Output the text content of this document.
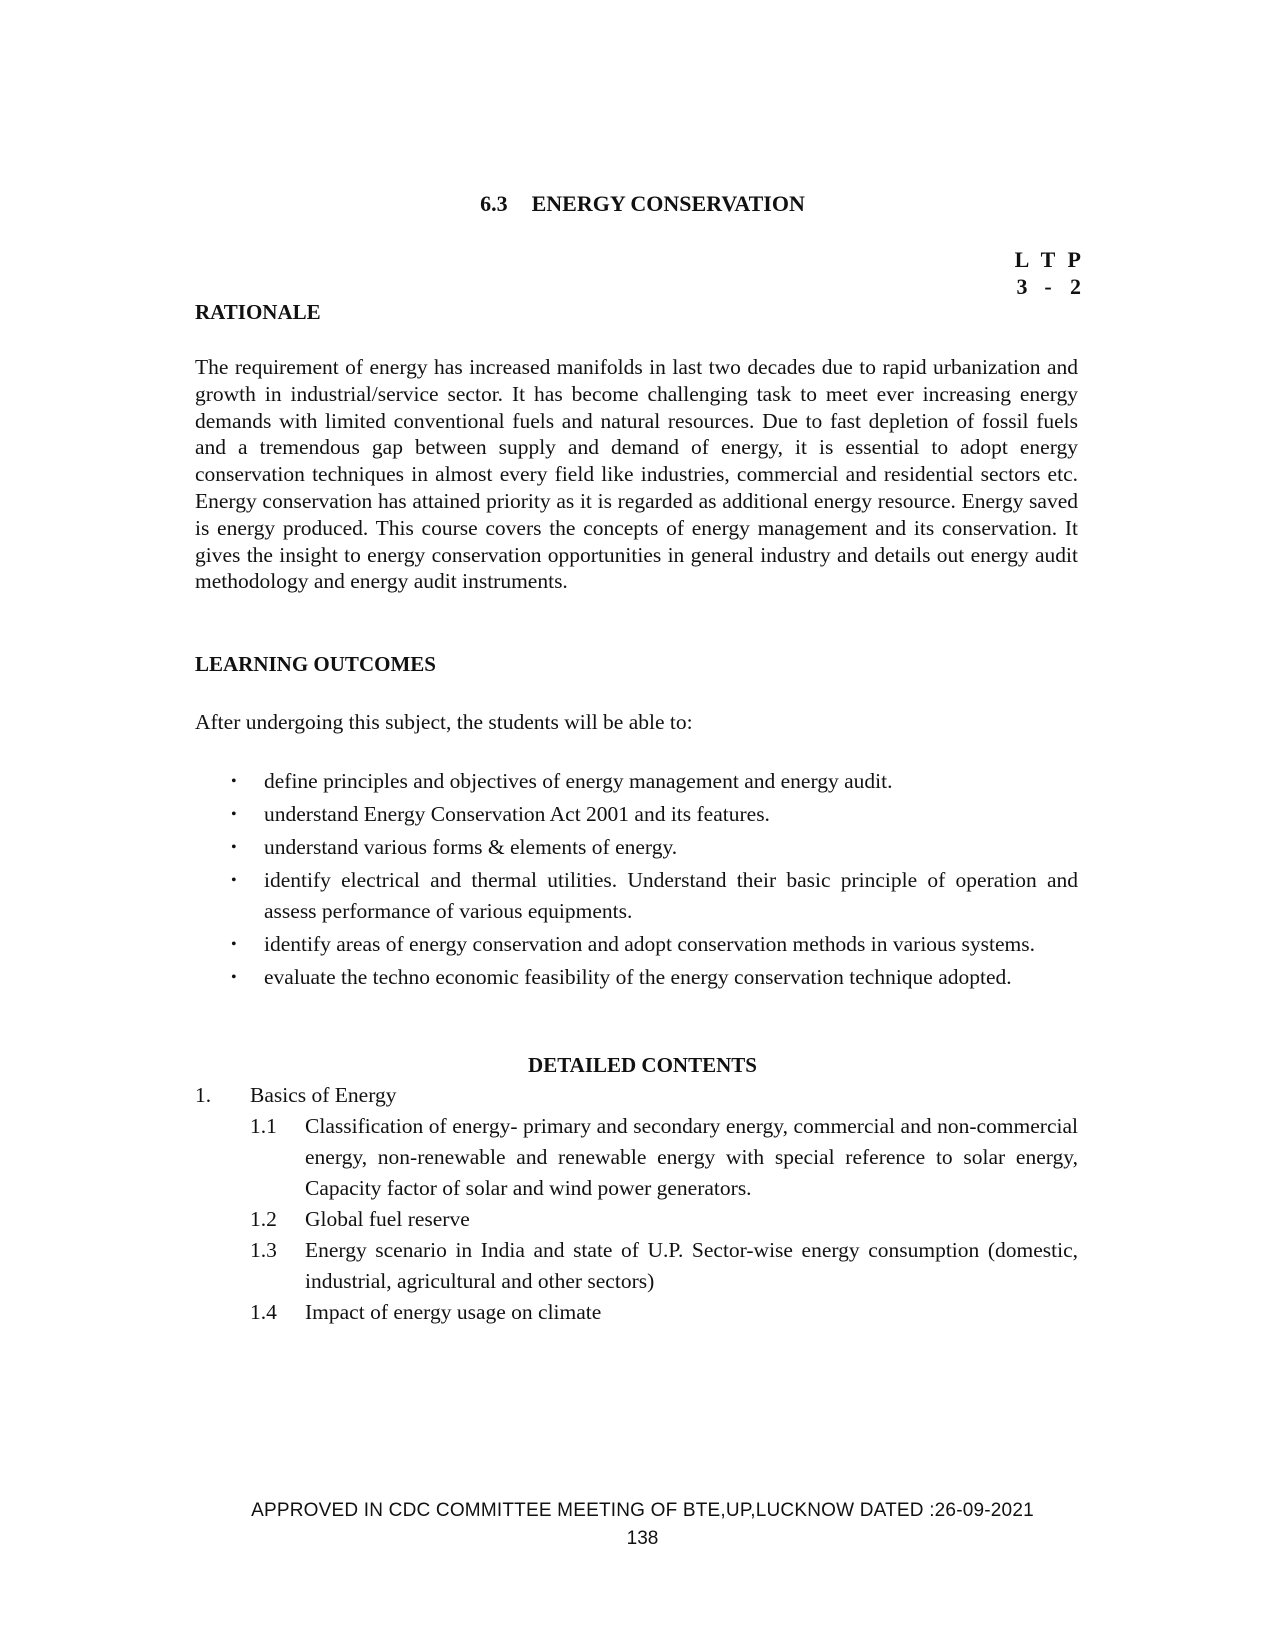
6.3 ENERGY CONSERVATION
L T P
3 - 2
RATIONALE
The requirement of energy has increased manifolds in last two decades due to rapid urbanization and growth in industrial/service sector. It has become challenging task to meet ever increasing energy demands with limited conventional fuels and natural resources. Due to fast depletion of fossil fuels and a tremendous gap between supply and demand of energy, it is essential to adopt energy conservation techniques in almost every field like industries, commercial and residential sectors etc. Energy conservation has attained priority as it is regarded as additional energy resource. Energy saved is energy produced. This course covers the concepts of energy management and its conservation. It gives the insight to energy conservation opportunities in general industry and details out energy audit methodology and energy audit instruments.
LEARNING OUTCOMES
After undergoing this subject, the students will be able to:
• define principles and objectives of energy management and energy audit.
• understand Energy Conservation Act 2001 and its features.
• understand various forms & elements of energy.
• identify electrical and thermal utilities. Understand their basic principle of operation and assess performance of various equipments.
• identify areas of energy conservation and adopt conservation methods in various systems.
• evaluate the techno economic feasibility of the energy conservation technique adopted.
DETAILED CONTENTS
1.	Basics of Energy
1.1	Classification of energy- primary and secondary energy, commercial and non-commercial energy, non-renewable and renewable energy with special reference to solar energy, Capacity factor of solar and wind power generators.
1.2	Global fuel reserve
1.3	Energy scenario in India and state of U.P. Sector-wise energy consumption (domestic, industrial, agricultural and other sectors)
1.4	Impact of energy usage on climate
APPROVED IN CDC COMMITTEE MEETING OF BTE,UP,LUCKNOW DATED :26-09-2021
138
